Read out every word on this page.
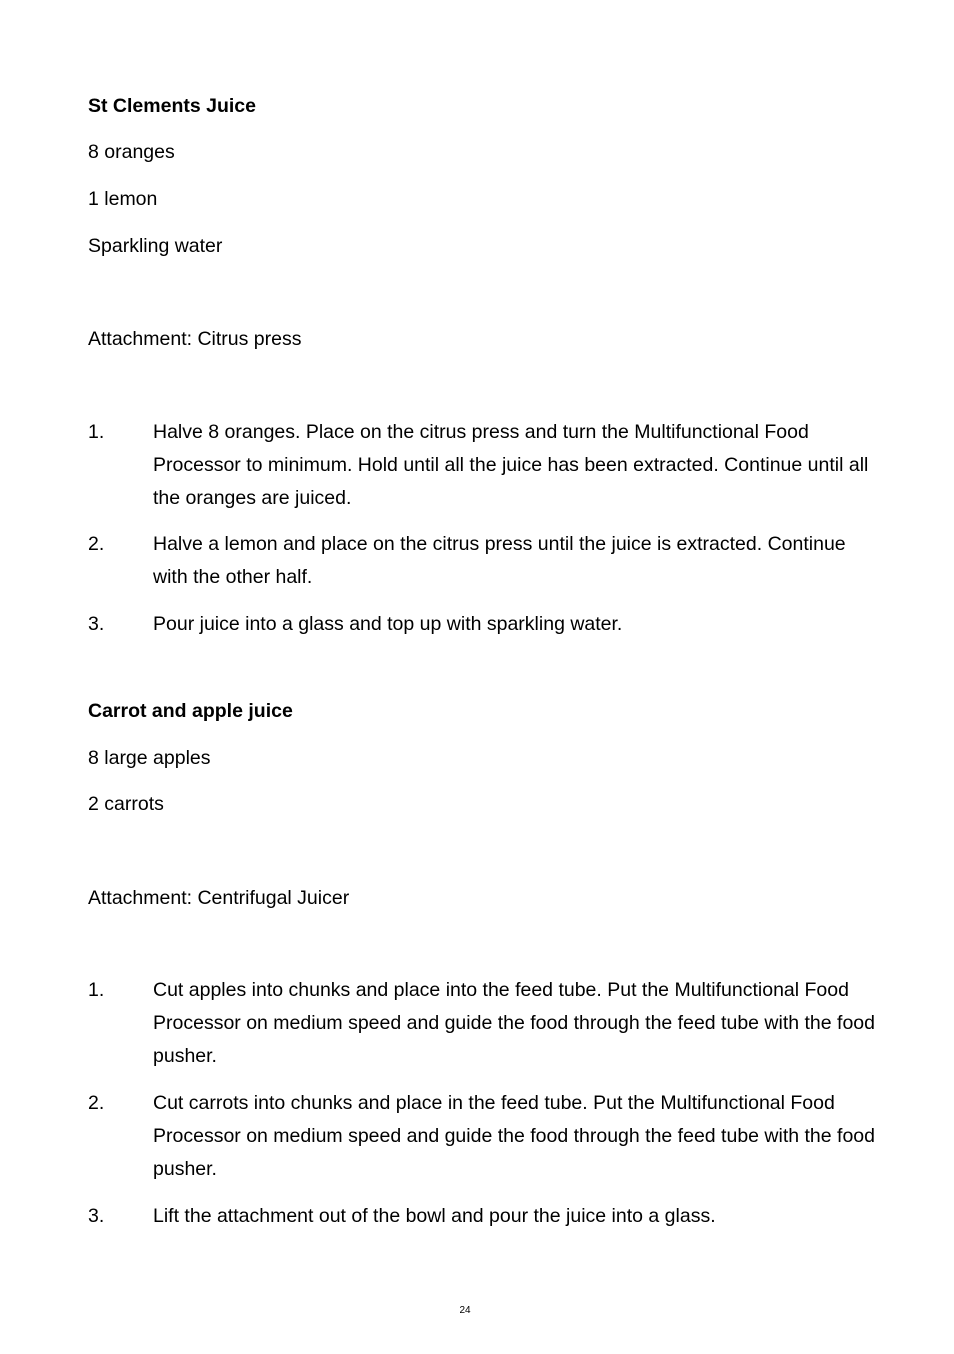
St Clements Juice
8 oranges
1 lemon
Sparkling water
Attachment: Citrus press
1. Halve 8 oranges. Place on the citrus press and turn the Multifunctional Food Processor to minimum. Hold until all the juice has been extracted. Continue until all the oranges are juiced.
2. Halve a lemon and place on the citrus press until the juice is extracted. Continue with the other half.
3. Pour juice into a glass and top up with sparkling water.
Carrot and apple juice
8 large apples
2 carrots
Attachment: Centrifugal Juicer
1. Cut apples into chunks and place into the feed tube. Put the Multifunctional Food Processor on medium speed and guide the food through the feed tube with the food pusher.
2. Cut carrots into chunks and place in the feed tube. Put the Multifunctional Food Processor on medium speed and guide the food through the feed tube with the food pusher.
3. Lift the attachment out of the bowl and pour the juice into a glass.
24
